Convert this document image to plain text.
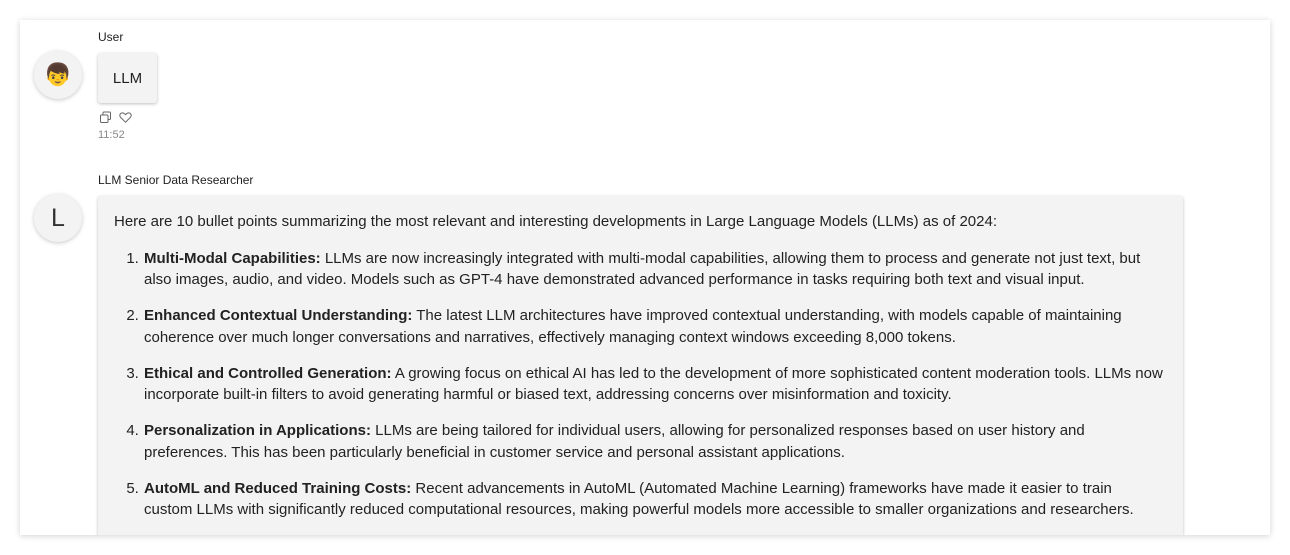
User
👦	LLM
11:52
LLM Senior Data Researcher
L	Here are 10 bullet points summarizing the most relevant and interesting developments in Large Language Models (LLMs) as of 2024:

1. Multi-Modal Capabilities: LLMs are now increasingly integrated with multi-modal capabilities, allowing them to process and generate not just text, but also images, audio, and video. Models such as GPT-4 have demonstrated advanced performance in tasks requiring both text and visual input.
2. Enhanced Contextual Understanding: The latest LLM architectures have improved contextual understanding, with models capable of maintaining coherence over much longer conversations and narratives, effectively managing context windows exceeding 8,000 tokens.
3. Ethical and Controlled Generation: A growing focus on ethical AI has led to the development of more sophisticated content moderation tools. LLMs now incorporate built-in filters to avoid generating harmful or biased text, addressing concerns over misinformation and toxicity.
4. Personalization in Applications: LLMs are being tailored for individual users, allowing for personalized responses based on user history and preferences. This has been particularly beneficial in customer service and personal assistant applications.
5. AutoML and Reduced Training Costs: Recent advancements in AutoML (Automated Machine Learning) frameworks have made it easier to train custom LLMs with significantly reduced computational resources, making powerful models more accessible to smaller organizations and researchers.
